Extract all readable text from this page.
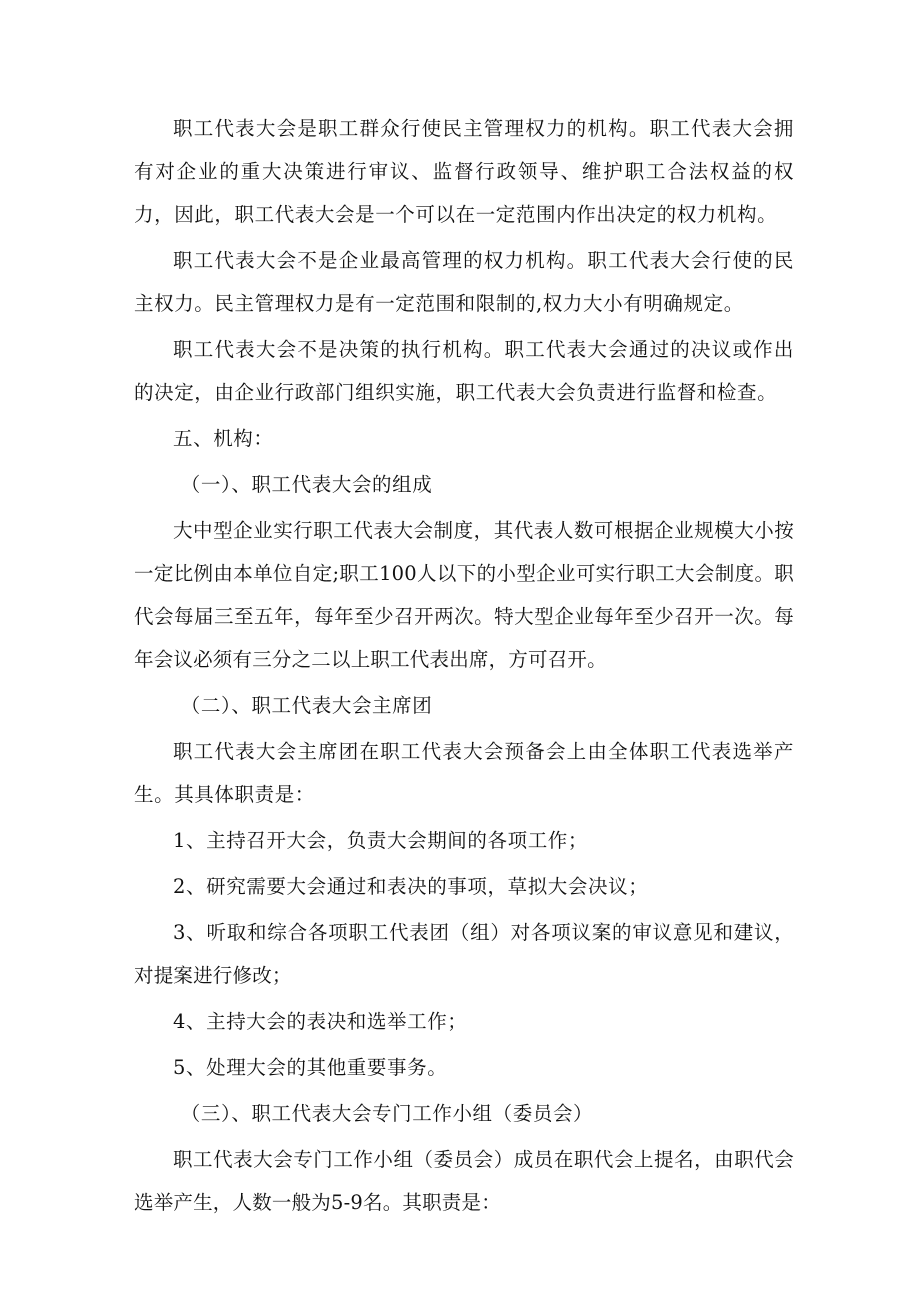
职工代表大会是职工群众行使民主管理权力的机构。职工代表大会拥有对企业的重大决策进行审议、监督行政领导、维护职工合法权益的权力，因此，职工代表大会是一个可以在一定范围内作出决定的权力机构。

职工代表大会不是企业最高管理的权力机构。职工代表大会行使的民主权力。民主管理权力是有一定范围和限制的,权力大小有明确规定。

职工代表大会不是决策的执行机构。职工代表大会通过的决议或作出的决定，由企业行政部门组织实施，职工代表大会负责进行监督和检查。

五、机构：

（一）、职工代表大会的组成

大中型企业实行职工代表大会制度，其代表人数可根据企业规模大小按一定比例由本单位自定;职工100人以下的小型企业可实行职工大会制度。职代会每届三至五年，每年至少召开两次。特大型企业每年至少召开一次。每年会议必须有三分之二以上职工代表出席，方可召开。

（二）、职工代表大会主席团

职工代表大会主席团在职工代表大会预备会上由全体职工代表选举产生。其具体职责是：

1、主持召开大会，负责大会期间的各项工作；

2、研究需要大会通过和表决的事项，草拟大会决议；

3、听取和综合各项职工代表团（组）对各项议案的审议意见和建议，对提案进行修改；

4、主持大会的表决和选举工作；

5、处理大会的其他重要事务。

（三）、职工代表大会专门工作小组（委员会）

职工代表大会专门工作小组（委员会）成员在职代会上提名，由职代会选举产生，人数一般为5-9名。其职责是：
